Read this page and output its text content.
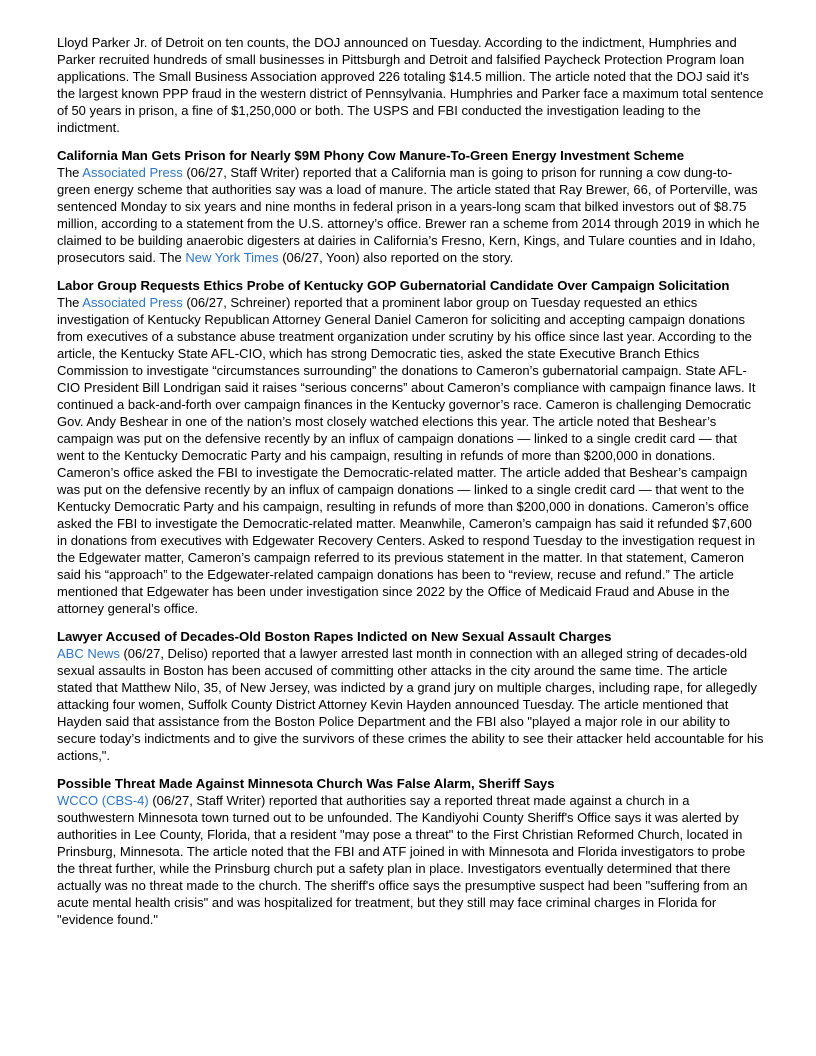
Lloyd Parker Jr. of Detroit on ten counts, the DOJ announced on Tuesday. According to the indictment, Humphries and Parker recruited hundreds of small businesses in Pittsburgh and Detroit and falsified Paycheck Protection Program loan applications. The Small Business Association approved 226 totaling $14.5 million. The article noted that the DOJ said it's the largest known PPP fraud in the western district of Pennsylvania. Humphries and Parker face a maximum total sentence of 50 years in prison, a fine of $1,250,000 or both. The USPS and FBI conducted the investigation leading to the indictment.

California Man Gets Prison for Nearly $9M Phony Cow Manure-To-Green Energy Investment Scheme

The Associated Press (06/27, Staff Writer) reported that a California man is going to prison for running a cow dung-to-green energy scheme that authorities say was a load of manure. The article stated that Ray Brewer, 66, of Porterville, was sentenced Monday to six years and nine months in federal prison in a years-long scam that bilked investors out of $8.75 million, according to a statement from the U.S. attorney’s office. Brewer ran a scheme from 2014 through 2019 in which he claimed to be building anaerobic digesters at dairies in California’s Fresno, Kern, Kings, and Tulare counties and in Idaho, prosecutors said. The New York Times (06/27, Yoon) also reported on the story.

Labor Group Requests Ethics Probe of Kentucky GOP Gubernatorial Candidate Over Campaign Solicitation

The Associated Press (06/27, Schreiner) reported that a prominent labor group on Tuesday requested an ethics investigation of Kentucky Republican Attorney General Daniel Cameron for soliciting and accepting campaign donations from executives of a substance abuse treatment organization under scrutiny by his office since last year. According to the article, the Kentucky State AFL-CIO, which has strong Democratic ties, asked the state Executive Branch Ethics Commission to investigate “circumstances surrounding” the donations to Cameron’s gubernatorial campaign. State AFL-CIO President Bill Londrigan said it raises “serious concerns” about Cameron’s compliance with campaign finance laws. It continued a back-and-forth over campaign finances in the Kentucky governor’s race. Cameron is challenging Democratic Gov. Andy Beshear in one of the nation’s most closely watched elections this year. The article noted that Beshear’s campaign was put on the defensive recently by an influx of campaign donations — linked to a single credit card — that went to the Kentucky Democratic Party and his campaign, resulting in refunds of more than $200,000 in donations. Cameron’s office asked the FBI to investigate the Democratic-related matter. The article added that Beshear’s campaign was put on the defensive recently by an influx of campaign donations — linked to a single credit card — that went to the Kentucky Democratic Party and his campaign, resulting in refunds of more than $200,000 in donations. Cameron’s office asked the FBI to investigate the Democratic-related matter. Meanwhile, Cameron’s campaign has said it refunded $7,600 in donations from executives with Edgewater Recovery Centers. Asked to respond Tuesday to the investigation request in the Edgewater matter, Cameron’s campaign referred to its previous statement in the matter. In that statement, Cameron said his “approach” to the Edgewater-related campaign donations has been to “review, recuse and refund.” The article mentioned that Edgewater has been under investigation since 2022 by the Office of Medicaid Fraud and Abuse in the attorney general’s office.

Lawyer Accused of Decades-Old Boston Rapes Indicted on New Sexual Assault Charges

ABC News (06/27, Deliso) reported that a lawyer arrested last month in connection with an alleged string of decades-old sexual assaults in Boston has been accused of committing other attacks in the city around the same time. The article stated that Matthew Nilo, 35, of New Jersey, was indicted by a grand jury on multiple charges, including rape, for allegedly attacking four women, Suffolk County District Attorney Kevin Hayden announced Tuesday. The article mentioned that Hayden said that assistance from the Boston Police Department and the FBI also "played a major role in our ability to secure today’s indictments and to give the survivors of these crimes the ability to see their attacker held accountable for his actions,".

Possible Threat Made Against Minnesota Church Was False Alarm, Sheriff Says

WCCO (CBS-4) (06/27, Staff Writer) reported that authorities say a reported threat made against a church in a southwestern Minnesota town turned out to be unfounded. The Kandiyohi County Sheriff's Office says it was alerted by authorities in Lee County, Florida, that a resident "may pose a threat" to the First Christian Reformed Church, located in Prinsburg, Minnesota. The article noted that the FBI and ATF joined in with Minnesota and Florida investigators to probe the threat further, while the Prinsburg church put a safety plan in place. Investigators eventually determined that there actually was no threat made to the church. The sheriff's office says the presumptive suspect had been "suffering from an acute mental health crisis" and was hospitalized for treatment, but they still may face criminal charges in Florida for "evidence found."
